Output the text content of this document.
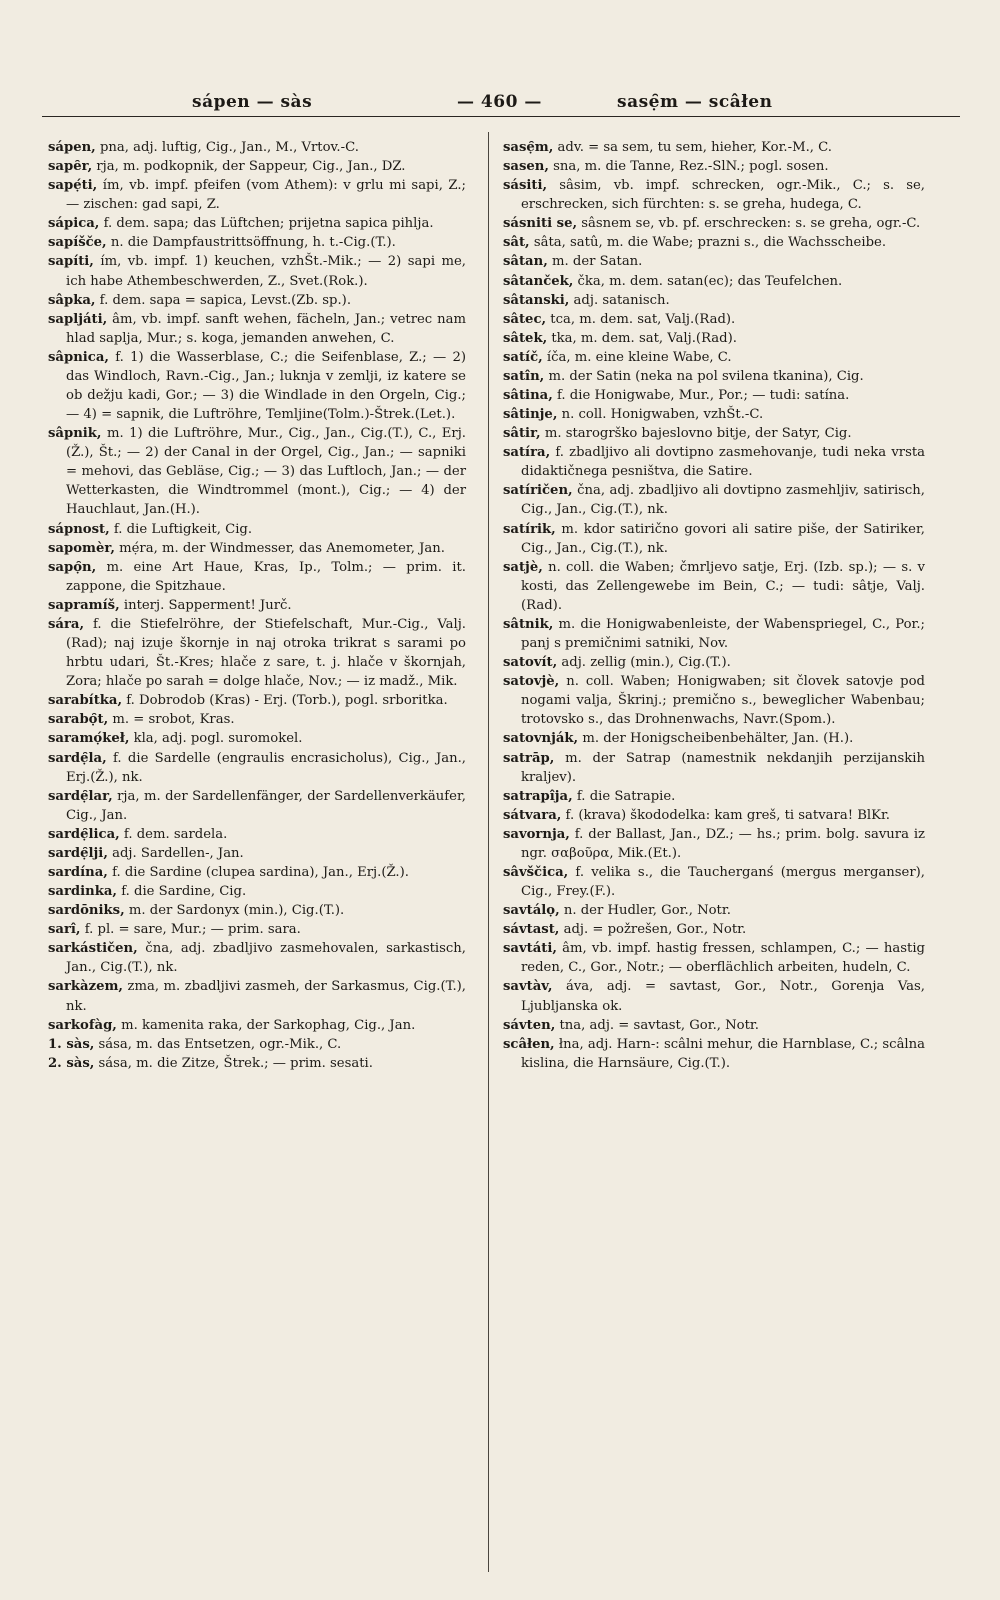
sápen — sàs	— 460 —	sasẹ̑m — scâłen

sápen, pna, adj. luftig, Cig., Jan., M., Vrtov.-C.

sapȇr, rja, m. podkopnik, der Sappeur, Cig., Jan., DZ.

sapẹ́ti, ím, vb. impf. pfeifen (vom Athem): v grlu mi sapi, Z.; — zischen: gad sapi, Z.

sápica, f. dem. sapa; das Lüftchen; prijetna sapica pihlja.

sapíšče, n. die Dampfaustrittsöffnung, h. t.-Cig.(T.).

sapíti, ím, vb. impf. 1) keuchen, vzhŠt.-Mik.; — 2) sapi me, ich habe Athembeschwerden, Z., Svet.(Rok.).

sâpka, f. dem. sapa = sapica, Levst.(Zb. sp.).

sapljáti, âm, vb. impf. sanft wehen, fächeln, Jan.; vetrec nam hlad saplja, Mur.; s. koga, jemanden anwehen, C.

sâpnica, f. 1) die Wasserblase, C.; die Seifenblase, Z.; — 2) das Windloch, Ravn.-Cig., Jan.; luknja v zemlji, iz katere se ob dežju kadi, Gor.; — 3) die Windlade in den Orgeln, Cig.; — 4) = sapnik, die Luftröhre, Temljine(Tolm.)-Štrek.(Let.).

sâpnik, m. 1) die Luftröhre, Mur., Cig., Jan., Cig.(T.), C., Erj.(Ž.), Št.; — 2) der Canal in der Orgel, Cig., Jan.; — sapniki = mehovi, das Gebläse, Cig.; — 3) das Luftloch, Jan.; — der Wetterkasten, die Windtrommel (mont.), Cig.; — 4) der Hauchlaut, Jan.(H.).

sápnost, f. die Luftigkeit, Cig.

sapomèr, mẹ́ra, m. der Windmesser, das Anemometer, Jan.

sapọ̑n, m. eine Art Haue, Kras, Ip., Tolm.; — prim. it. zappone, die Spitzhaue.

sapramíš, interj. Sapperment! Jurč.

sára, f. die Stiefelröhre, der Stiefelschaft, Mur.-Cig., Valj.(Rad); naj izuje škornje in naj otroka trikrat s sarami po hrbtu udari, Št.-Kres; hlače z sare, t. j. hlače v škornjah, Zora; hlače po sarah = dolge hlače, Nov.; — iz madž., Mik.

sarabítka, f. Dobrodob (Kras) - Erj. (Torb.), pogl. srboritka.

sarabọ̑t, m. = srobot, Kras.

saramọ́keł, kla, adj. pogl. suromokel.

sardẹ̑la, f. die Sardelle (engraulis encrasicholus), Cig., Jan., Erj.(Ž.), nk.

sardẹ̑lar, rja, m. der Sardellenfänger, der Sardellenverkäufer, Cig., Jan.

sardẹ̑lica, f. dem. sardela.

sardẹ̑lji, adj. Sardellen-, Jan.

sardína, f. die Sardine (clupea sardina), Jan., Erj.(Ž.).

sardinka, f. die Sardine, Cig.

sardōniks, m. der Sardonyx (min.), Cig.(T.).

sarî, f. pl. = sare, Mur.; — prim. sara.

sarkástičen, čna, adj. zbadljivo zasmehovalen, sarkastisch, Jan., Cig.(T.), nk.

sarkàzem, zma, m. zbadljivi zasmeh, der Sarkasmus, Cig.(T.), nk.

sarkofàg, m. kamenita raka, der Sarkophag, Cig., Jan.

1. sàs, sása, m. das Entsetzen, ogr.-Mik., C.

2. sàs, sása, m. die Zitze, Štrek.; — prim. sesati.

sasẹ̑m, adv. = sa sem, tu sem, hieher, Kor.-M., C.

sasen, sna, m. die Tanne, Rez.-SlN.; pogl. sosen.

sásiti, sâsim, vb. impf. schrecken, ogr.-Mik., C.; s. se, erschrecken, sich fürchten: s. se greha, hudega, C.

sásniti se, sâsnem se, vb. pf. erschrecken: s. se greha, ogr.-C.

sât, sâta, satû, m. die Wabe; prazni s., die Wachsscheibe.

sâtan, m. der Satan.

sâtanček, čka, m. dem. satan(ec); das Teufelchen.

sâtanski, adj. satanisch.

sâtec, tca, m. dem. sat, Valj.(Rad).

sâtek, tka, m. dem. sat, Valj.(Rad).

satíč, íča, m. eine kleine Wabe, C.

satîn, m. der Satin (neka na pol svilena tkanina), Cig.

sâtina, f. die Honigwabe, Mur., Por.; — tudi: satína.

sâtinje, n. coll. Honigwaben, vzhŠt.-C.

sâtir, m. starogrško bajeslovno bitje, der Satyr, Cig.

satíra, f. zbadljivo ali dovtipno zasmehovanje, tudi neka vrsta didaktičnega pesništva, die Satire.

satíričen, čna, adj. zbadljivo ali dovtipno zasmehljiv, satirisch, Cig., Jan., Cig.(T.), nk.

satírik, m. kdor satirično govori ali satire piše, der Satiriker, Cig., Jan., Cig.(T.), nk.

satjè, n. coll. die Waben; čmrljevo satje, Erj. (Izb. sp.); — s. v kosti, das Zellengewebe im Bein, C.; — tudi: sâtje, Valj.(Rad).

sâtnik, m. die Honigwabenleiste, der Wabenspriegel, C., Por.; panj s premičnimi satniki, Nov.

satovít, adj. zellig (min.), Cig.(T.).

satovjè, n. coll. Waben; Honigwaben; sit človek satovje pod nogami valja, Škrinj.; premično s., beweglicher Wabenbau; trotovsko s., das Drohnenwachs, Navr.(Spom.).

satovnják, m. der Honigscheibenbehälter, Jan. (H.).

satrāp, m. der Satrap (namestnik nekdanjih perzijanskih kraljev).

satrapîja, f. die Satrapie.

sátvara, f. (krava) škododelka: kam greš, ti satvara! BlKr.

savornja, f. der Ballast, Jan., DZ.; — hs.; prim. bolg. savura iz ngr. σαβοῦρα, Mik.(Et.).

sâvščica, f. velika s., die Taucherganś (mergus merganser), Cig., Frey.(F.).

savtálọ, n. der Hudler, Gor., Notr.

sávtast, adj. = požrešen, Gor., Notr.

savtáti, âm, vb. impf. hastig fressen, schlampen, C.; — hastig reden, C., Gor., Notr.; — oberflächlich arbeiten, hudeln, C.

savtàv, áva, adj. = savtast, Gor., Notr., Gorenja Vas, Ljubljanska ok.

sávten, tna, adj. = savtast, Gor., Notr.

scâłen, łna, adj. Harn-: scâlni mehur, die Harnblase, C.; scâlna kislina, die Harnsäure, Cig.(T.).
